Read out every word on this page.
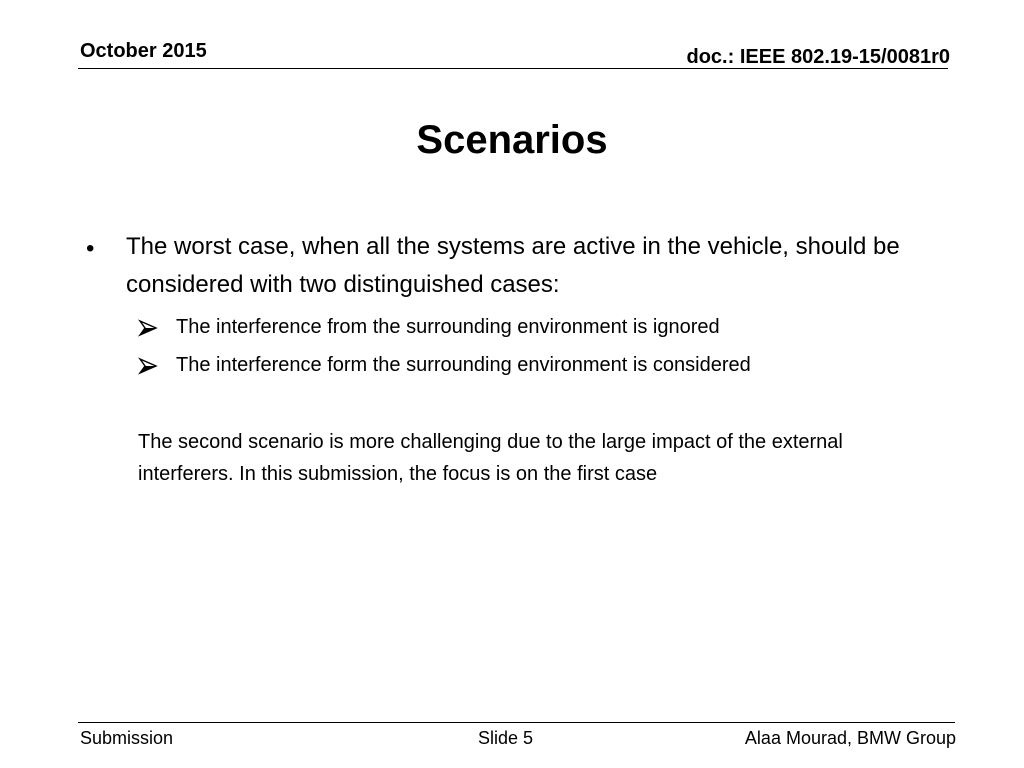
October 2015	doc.: IEEE 802.19-15/0081r0
Scenarios
• The worst case, when all the systems are active in the vehicle, should be considered with two distinguished cases:
The interference from the surrounding environment is ignored
The interference form the surrounding environment is considered
The second scenario is more challenging due to the large impact of the external interferers. In this submission, the focus is on the first case
Submission	Slide 5	Alaa Mourad, BMW Group
